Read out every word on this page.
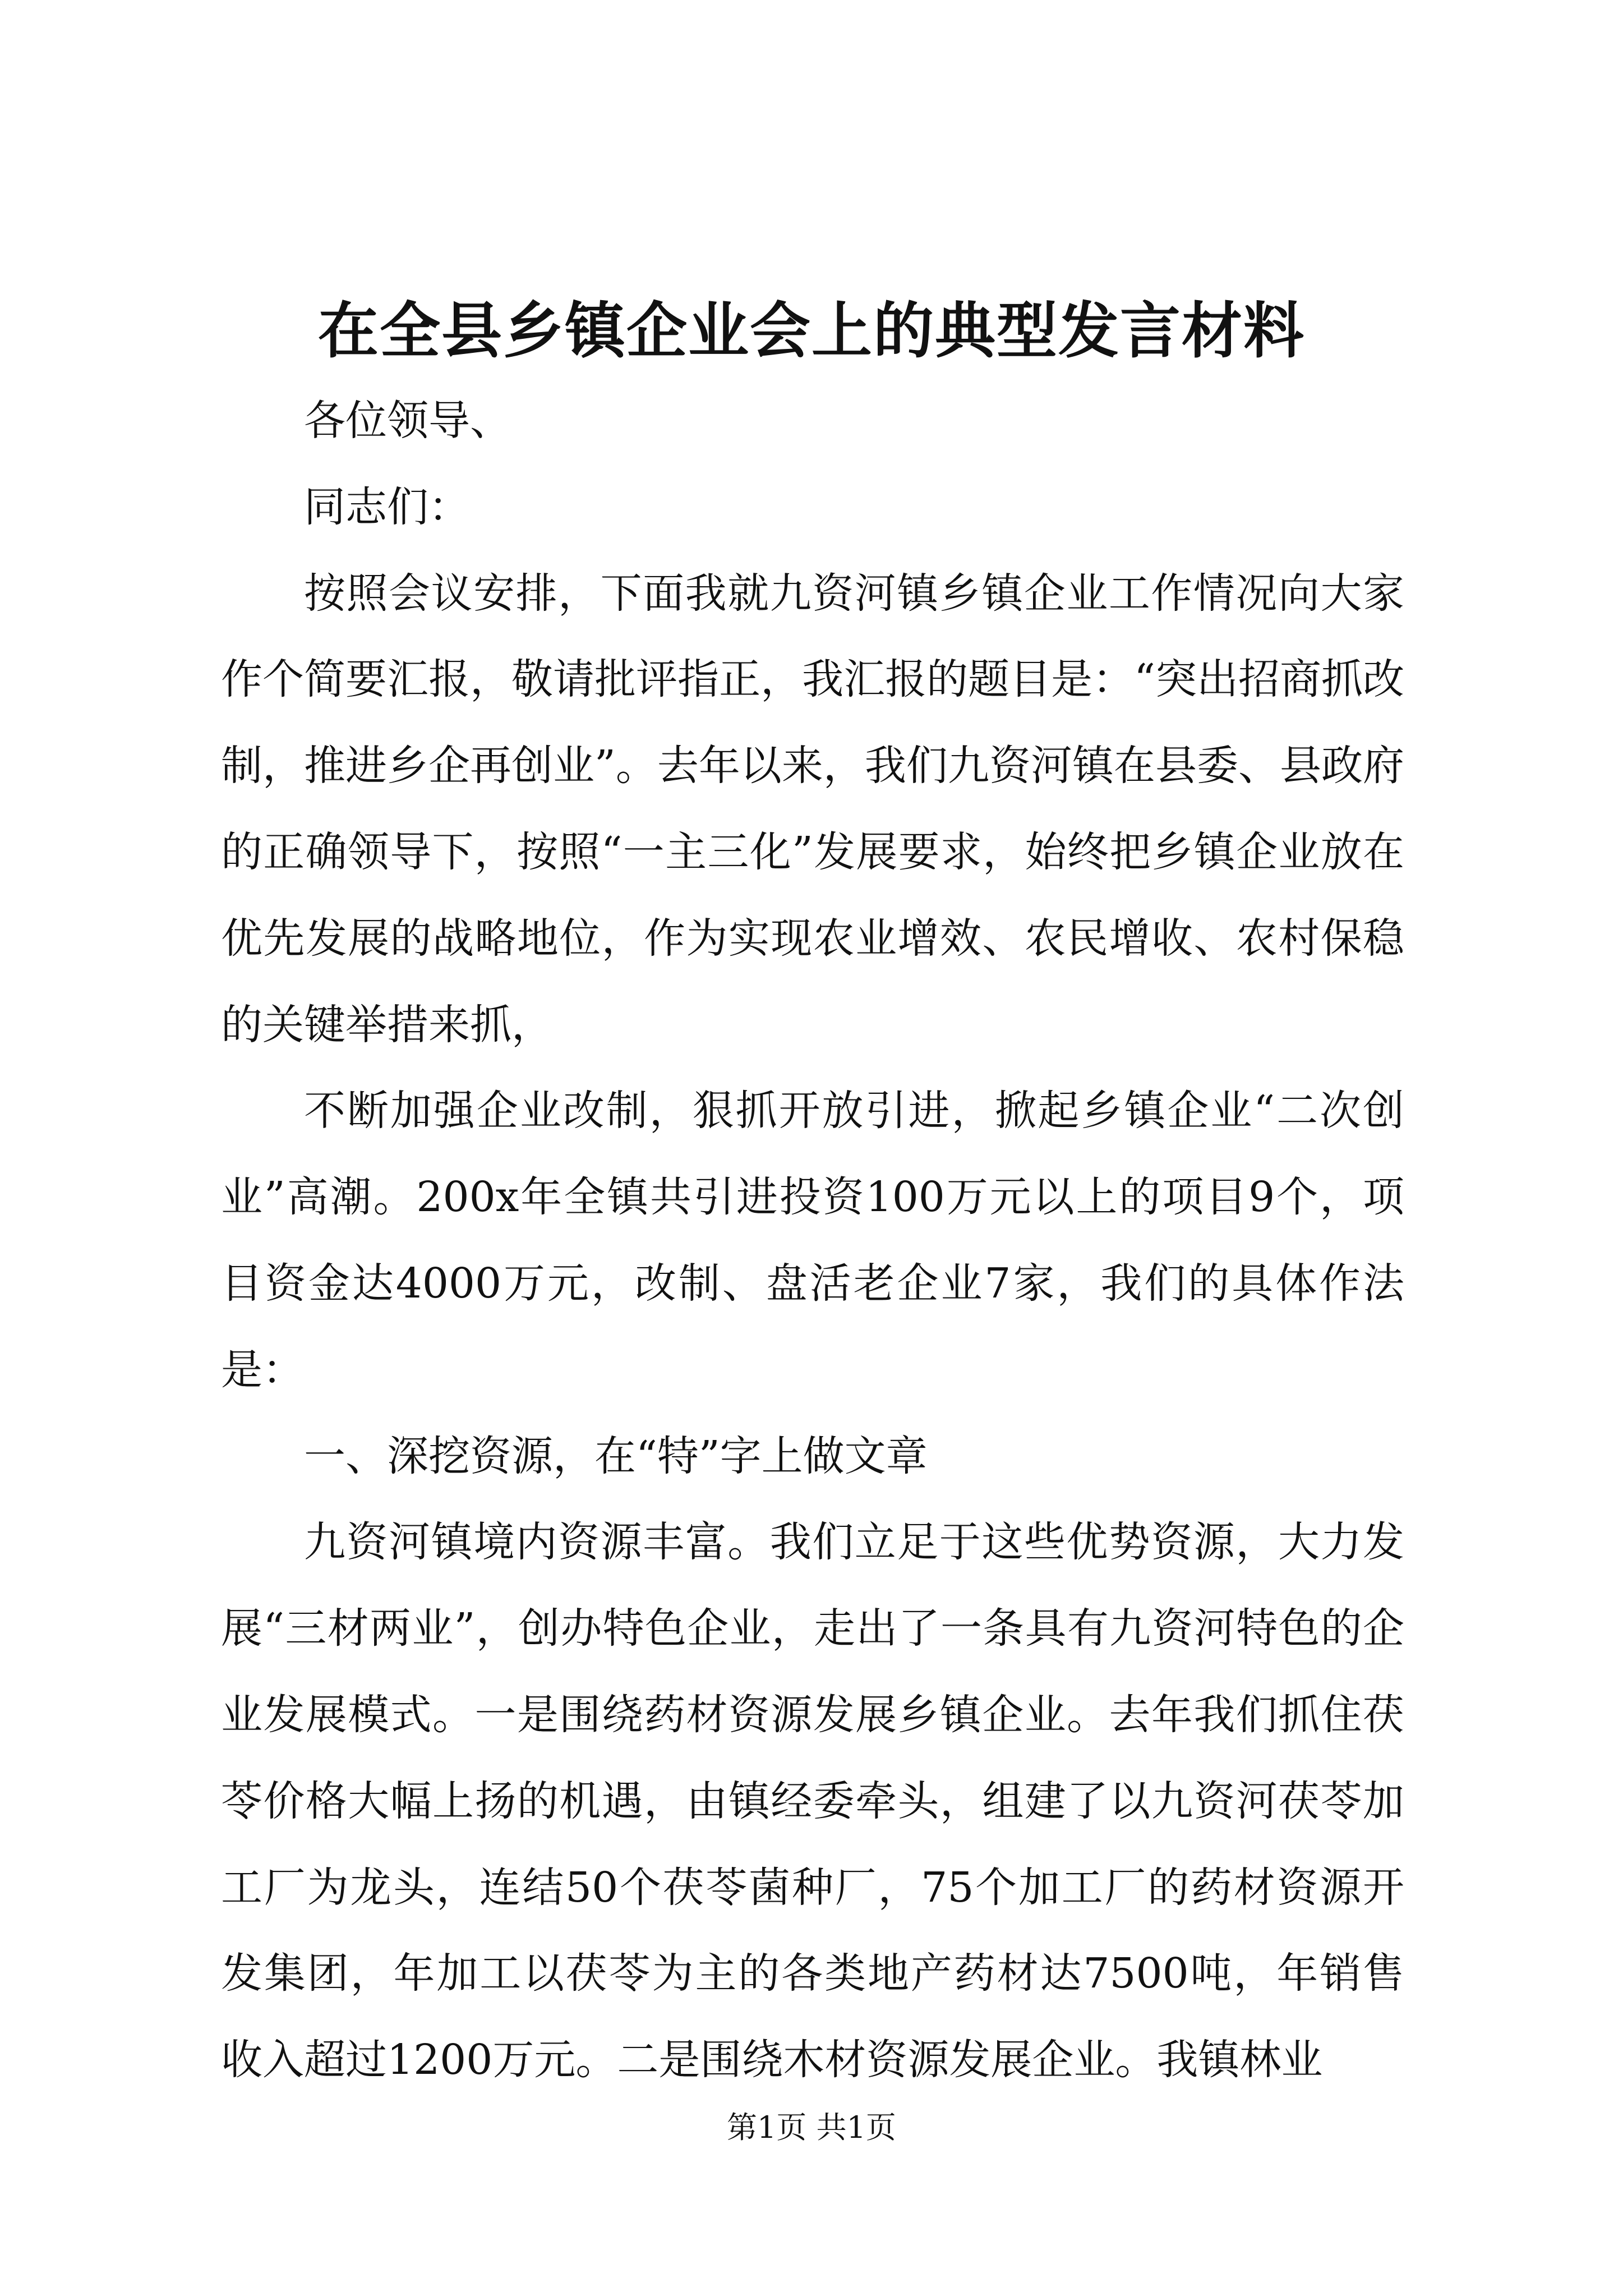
在全县乡镇企业会上的典型发言材料

各位领导、

同志们：

按照会议安排，下面我就九资河镇乡镇企业工作情况向大家作个简要汇报，敬请批评指正，我汇报的题目是：“突出招商抓改制，推进乡企再创业”。去年以来，我们九资河镇在县委、县政府的正确领导下，按照“一主三化”发展要求，始终把乡镇企业放在优先发展的战略地位，作为实现农业增效、农民增收、农村保稳的关键举措来抓，

不断加强企业改制，狠抓开放引进，掀起乡镇企业“二次创业”高潮。200x年全镇共引进投资100万元以上的项目9个，项目资金达4000万元，改制、盘活老企业7家，我们的具体作法是：

一、深挖资源，在“特”字上做文章

九资河镇境内资源丰富。我们立足于这些优势资源，大力发展“三材两业”，创办特色企业，走出了一条具有九资河特色的企业发展模式。一是围绕药材资源发展乡镇企业。去年我们抓住茯苓价格大幅上扬的机遇，由镇经委牵头，组建了以九资河茯苓加工厂为龙头，连结50个茯苓菌种厂，75个加工厂的药材资源开发集团，年加工以茯苓为主的各类地产药材达7500吨，年销售收入超过1200万元。二是围绕木材资源发展企业。我镇林业

第1页 共1页
